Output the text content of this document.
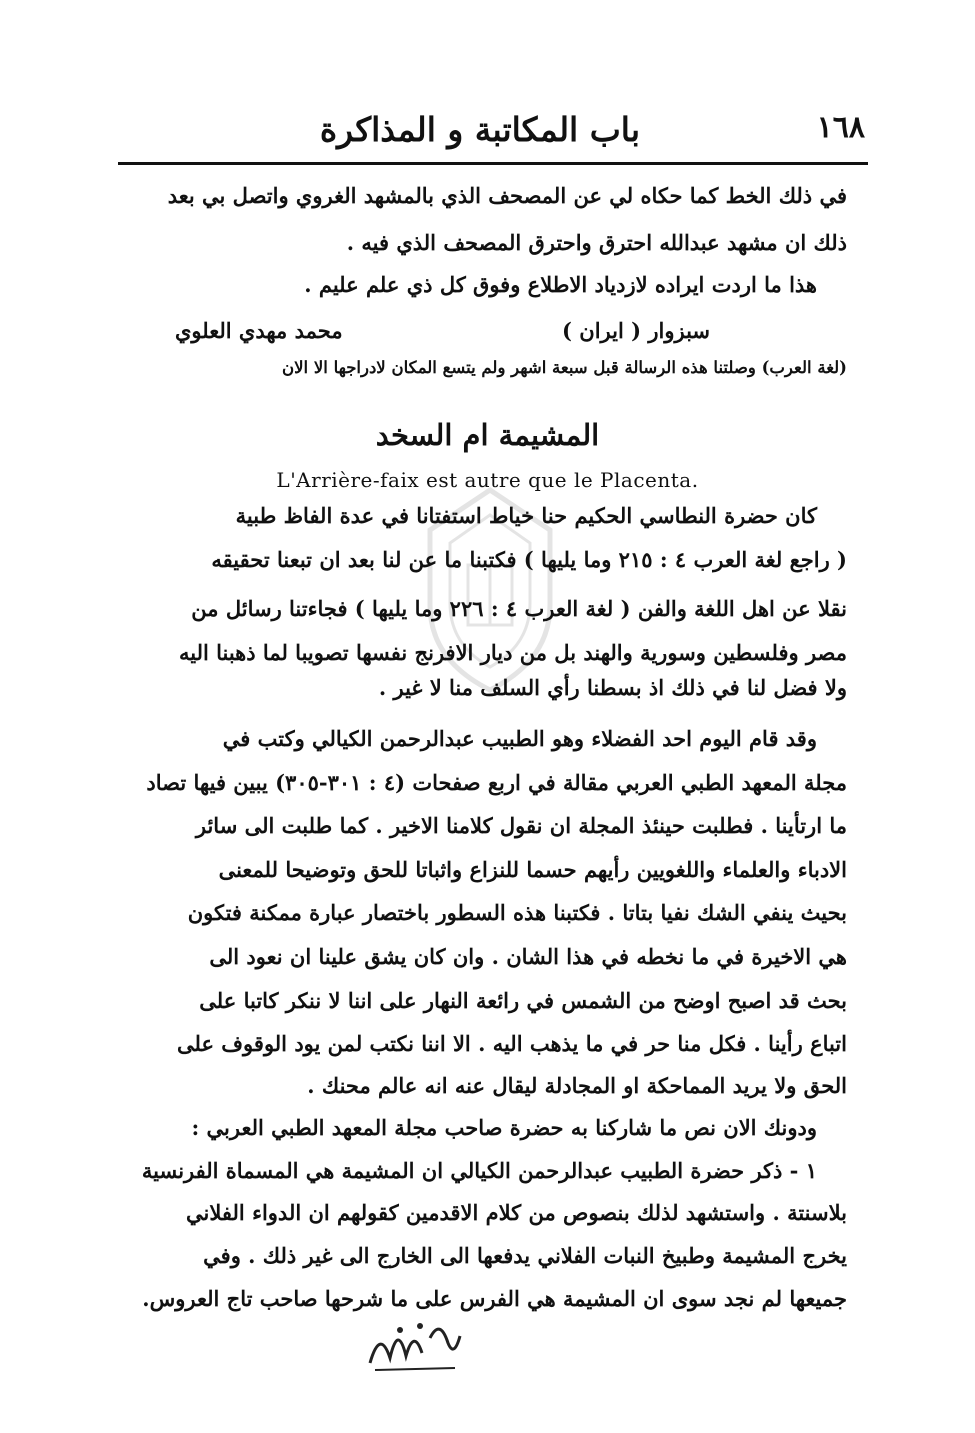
١٦٨
باب المكاتبة و المذاكرة
في ذلك الخط كما حكاه لي عن المصحف الذي بالمشهد الغروي واتصل بي بعد
ذلك ان مشهد عبدالله احترق واحترق المصحف الذي فيه .
هذا ما اردت ايراده لازدياد الاطلاع وفوق كل ذي علم عليم .
سبزوار ( ايران )
محمد مهدي العلوي
(لغة العرب) وصلتنا هذه الرسالة قبل سبعة اشهر ولم يتسع المكان لادراجها الا الان
المشيمة ام السخد
L'Arrière-faix est autre que le Placenta.
كان حضرة النطاسي الحكيم حنا خياط استفتانا في عدة الفاظ طبية
( راجع لغة العرب ٤ : ٢١٥ وما يليها ) فكتبنا ما عن لنا بعد ان تبعنا تحقيقه
نقلا عن اهل اللغة والفن ( لغة العرب ٤ : ٢٢٦ وما يليها ) فجاءتنا رسائل من
مصر وفلسطين وسورية والهند بل من ديار الافرنج نفسها تصويبا لما ذهبنا اليه
ولا فضل لنا في ذلك اذ بسطنا رأي السلف منا لا غير .
وقد قام اليوم احد الفضلاء وهو الطبيب عبدالرحمن الكيالي وكتب في
مجلة المعهد الطبي العربي مقالة في اربع صفحات (٤ : ٣٠١-٣٠٥) يبين فيها تصاد
ما ارتأينا . فطلبت حينئذ المجلة ان نقول كلامنا الاخير . كما طلبت الى سائر
الادباء والعلماء واللغويين رأيهم حسما للنزاع واثباتا للحق وتوضيحا للمعنى
بحيث ينفي الشك نفيا بتاتا . فكتبنا هذه السطور باختصار عبارة ممكنة فتكون
هي الاخيرة في ما نخطه في هذا الشان . وان كان يشق علينا ان نعود الى
بحث قد اصبح اوضح من الشمس في رائعة النهار على اننا لا ننكر كاتبا على
اتباع رأينا . فكل منا حر في ما يذهب اليه . الا اننا نكتب لمن يود الوقوف على
الحق ولا يريد المماحكة او المجادلة ليقال عنه انه عالم محنك .
ودونك الان نص ما شاركنا به حضرة صاحب مجلة المعهد الطبي العربي :
١ - ذكر حضرة الطبيب عبدالرحمن الكيالي ان المشيمة هي المسماة الفرنسية
بلاسنتة . واستشهد لذلك بنصوص من كلام الاقدمين كقولهم ان الدواء الفلاني
يخرج المشيمة وطبيخ النبات الفلاني يدفعها الى الخارج الى غير ذلك . وفي
جميعها لم نجد سوى ان المشيمة هي الفرس على ما شرحها صاحب تاج العروس.
